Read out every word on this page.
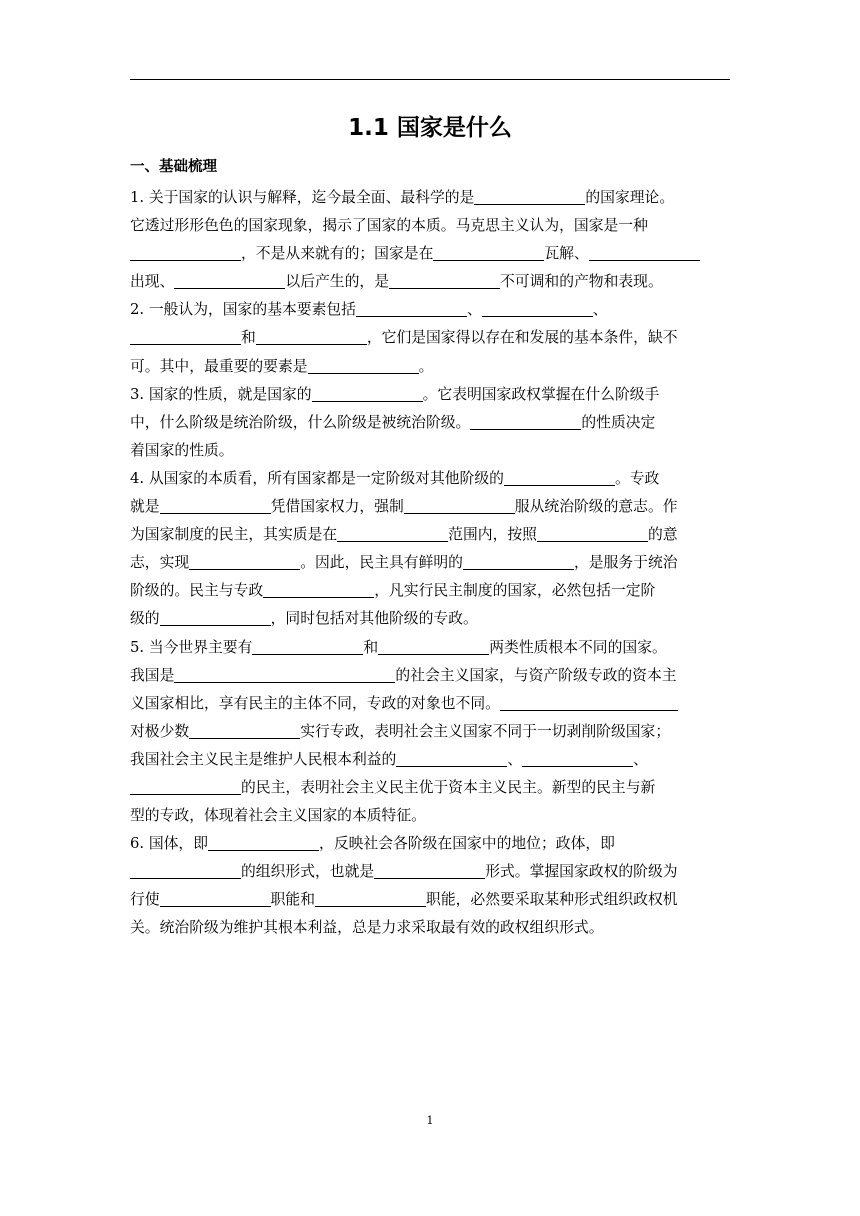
1.1 国家是什么
一、基础梳理

1. 关于国家的认识与解释，迄今最全面、最科学的是	的国家理论。
它透过形形色色的国家现象，揭示了国家的本质。马克思主义认为，国家是一种
，不是从来就有的；国家是在	瓦解、
出现、	以后产生的，是	不可调和的产物和表现。

2. 一般认为，国家的基本要素包括	、	、
和	，它们是国家得以存在和发展的基本条件，缺不
可。其中，最重要的要素是	。

3. 国家的性质，就是国家的	。它表明国家政权掌握在什么阶级手
中，什么阶级是统治阶级，什么阶级是被统治阶级。	的性质决定
着国家的性质。

4. 从国家的本质看，所有国家都是一定阶级对其他阶级的	。专政
就是	凭借国家权力，强制	服从统治阶级的意志。作
为国家制度的民主，其实质是在	范围内，按照	的意
志，实现	。因此，民主具有鲜明的	，是服务于统治
阶级的。民主与专政	，凡实行民主制度的国家，必然包括一定阶
级的	，同时包括对其他阶级的专政。

5. 当今世界主要有	和	两类性质根本不同的国家。
我国是	的社会主义国家，与资产阶级专政的资本主
义国家相比，享有民主的主体不同，专政的对象也不同。
对极少数	实行专政，表明社会主义国家不同于一切剥削阶级国家；
我国社会主义民主是维护人民根本利益的	、	、
的民主，表明社会主义民主优于资本主义民主。新型的民主与新
型的专政，体现着社会主义国家的本质特征。

6. 国体，即	，反映社会各阶级在国家中的地位；政体，即
的组织形式，也就是	形式。掌握国家政权的阶级为
行使	职能和	职能，必然要采取某种形式组织政权机
关。统治阶级为维护其根本利益，总是力求采取最有效的政权组织形式。

1
